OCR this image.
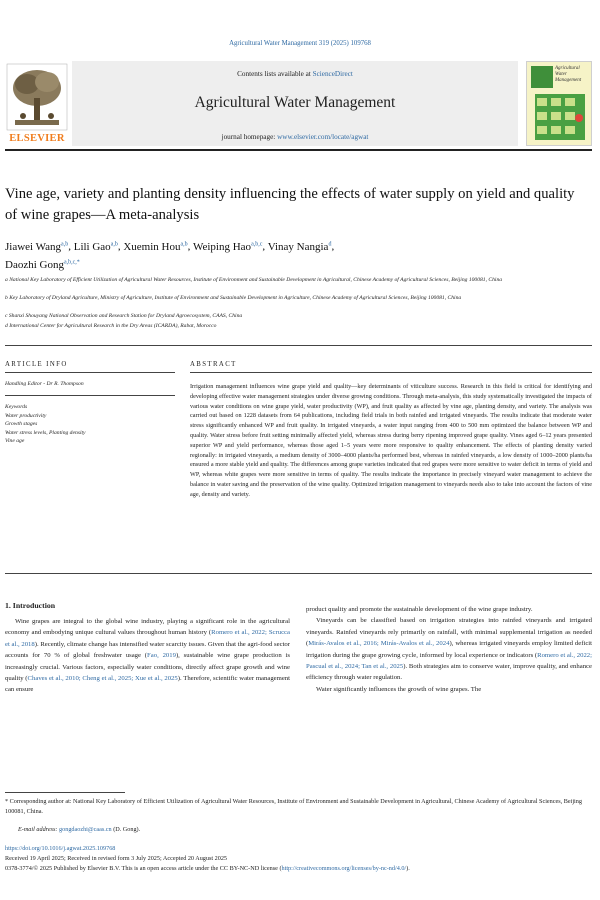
Agricultural Water Management 319 (2025) 109768
ELSEVIER
Contents lists available at ScienceDirect
Agricultural Water Management
journal homepage: www.elsevier.com/locate/agwat
Agricultural Water Management
Vine age, variety and planting density influencing the effects of water supply on yield and quality of wine grapes—A meta-analysis
Jiawei Wang$^{a,b}$, Lili Gao$^{a,b}$, Xuemin Hou$^{a,b}$, Weiping Hao$^{a,b,c}$, Vinay Nangia$^d$,
Daozhi Gong$^{a,b,c,*}$
a National Key Laboratory of Efficient Utilization of Agricultural Water Resources, Institute of Environment and Sustainable Development in Agricultural, Chinese Academy of Agricultural Sciences, Beijing 100081, China
b Key Laboratory of Dryland Agriculture, Ministry of Agriculture, Institute of Environment and Sustainable Development in Agriculture, Chinese Academy of Agricultural Sciences, Beijing 100081, China
c Shanxi Shouyang National Observation and Research Station for Dryland Agroecosystem, CAAS, China
d International Center for Agricultural Research in the Dry Areas (ICARDA), Rabat, Morocco
ARTICLE INFO
Handling Editor - Dr R. Thompson
Keywords
Water productivity
Growth stages
Water stress levels, Planting density
Vine age
ABSTRACT
Irrigation management influences wine grape yield and quality—key determinants of viticulture success. Research in this field is critical for identifying and developing effective water management strategies under diverse growing conditions. Through meta-analysis, this study systematically investigated the impacts of various water conditions on wine grape yield, water productivity (WP), and fruit quality as affected by vine age, planting density, and variety. The analysis was carried out based on 1228 datasets from 64 publications, including field trials in both rainfed and irrigated vineyards. The results indicate that moderate water stress significantly enhanced WP and fruit quality. In irrigated vineyards, a water input ranging from 400 to 500 mm optimized the balance between WP and quality. Water stress before fruit setting minimally affected yield, whereas stress during berry ripening improved grape quality. Vines aged 6–12 years presented superior WP and yield performance, whereas those aged 1–5 years were more responsive to quality enhancement. The effects of planting density varied regionally: in irrigated vineyards, a medium density of 3000–4000 plants/ha performed best, whereas in rainfed vineyards, a low density of 1000–2000 plants/ha ensured a more stable yield and quality. The differences among grape varieties indicated that red grapes were more sensitive to water deficit in terms of yield and WP, whereas white grapes were more sensitive in terms of quality. The results indicate the importance in precisely vineyard water management to achieve the balance in water saving and the preservation of the wine quality. Optimized irrigation management to vineyards needs also to take into account the factors of vine age, density and variety.
1. Introduction

Wine grapes are integral to the global wine industry, playing a significant role in the agricultural economy and embodying unique cultural values throughout human history (Romero et al., 2022; Scrucca et al., 2018). Recently, climate change has intensified water scarcity issues. Given that the agri-food sector accounts for 70 % of global freshwater usage (Fao, 2019), sustainable wine grape production is increasingly crucial. Various factors, especially water conditions, directly affect grape growth and wine quality (Chaves et al., 2010; Cheng et al., 2025; Xue et al., 2025). Therefore, scientific water management can ensure

product quality and promote the sustainable development of the wine grape industry.

Vineyards can be classified based on irrigation strategies into rainfed vineyards and irrigated vineyards. Rainfed vineyards rely primarily on rainfall, with minimal supplemental irrigation as needed (Mirás-Avalos et al., 2016; Mirás-Avalos et al., 2024), whereas irrigated vineyards employ limited deficit irrigation during the grape growing cycle, informed by local experience or indicators (Romero et al., 2022; Pascual et al., 2024; Tan et al., 2025). Both strategies aim to conserve water, improve quality, and enhance efficiency through water regulation.

Water significantly influences the growth of wine grapes. The

* Corresponding author at: National Key Laboratory of Efficient Utilization of Agricultural Water Resources, Institute of Environment and Sustainable Development in Agricultural, Chinese Academy of Agricultural Sciences, Beijing 100081, China.
E-mail address: gongdaozhi@caas.cn (D. Gong).
https://doi.org/10.1016/j.agwat.2025.109768
Received 19 April 2025; Received in revised form 3 July 2025; Accepted 20 August 2025
0378-3774/© 2025 Published by Elsevier B.V. This is an open access article under the CC BY-NC-ND license (http://creativecommons.org/licenses/by-nc-nd/4.0/).
